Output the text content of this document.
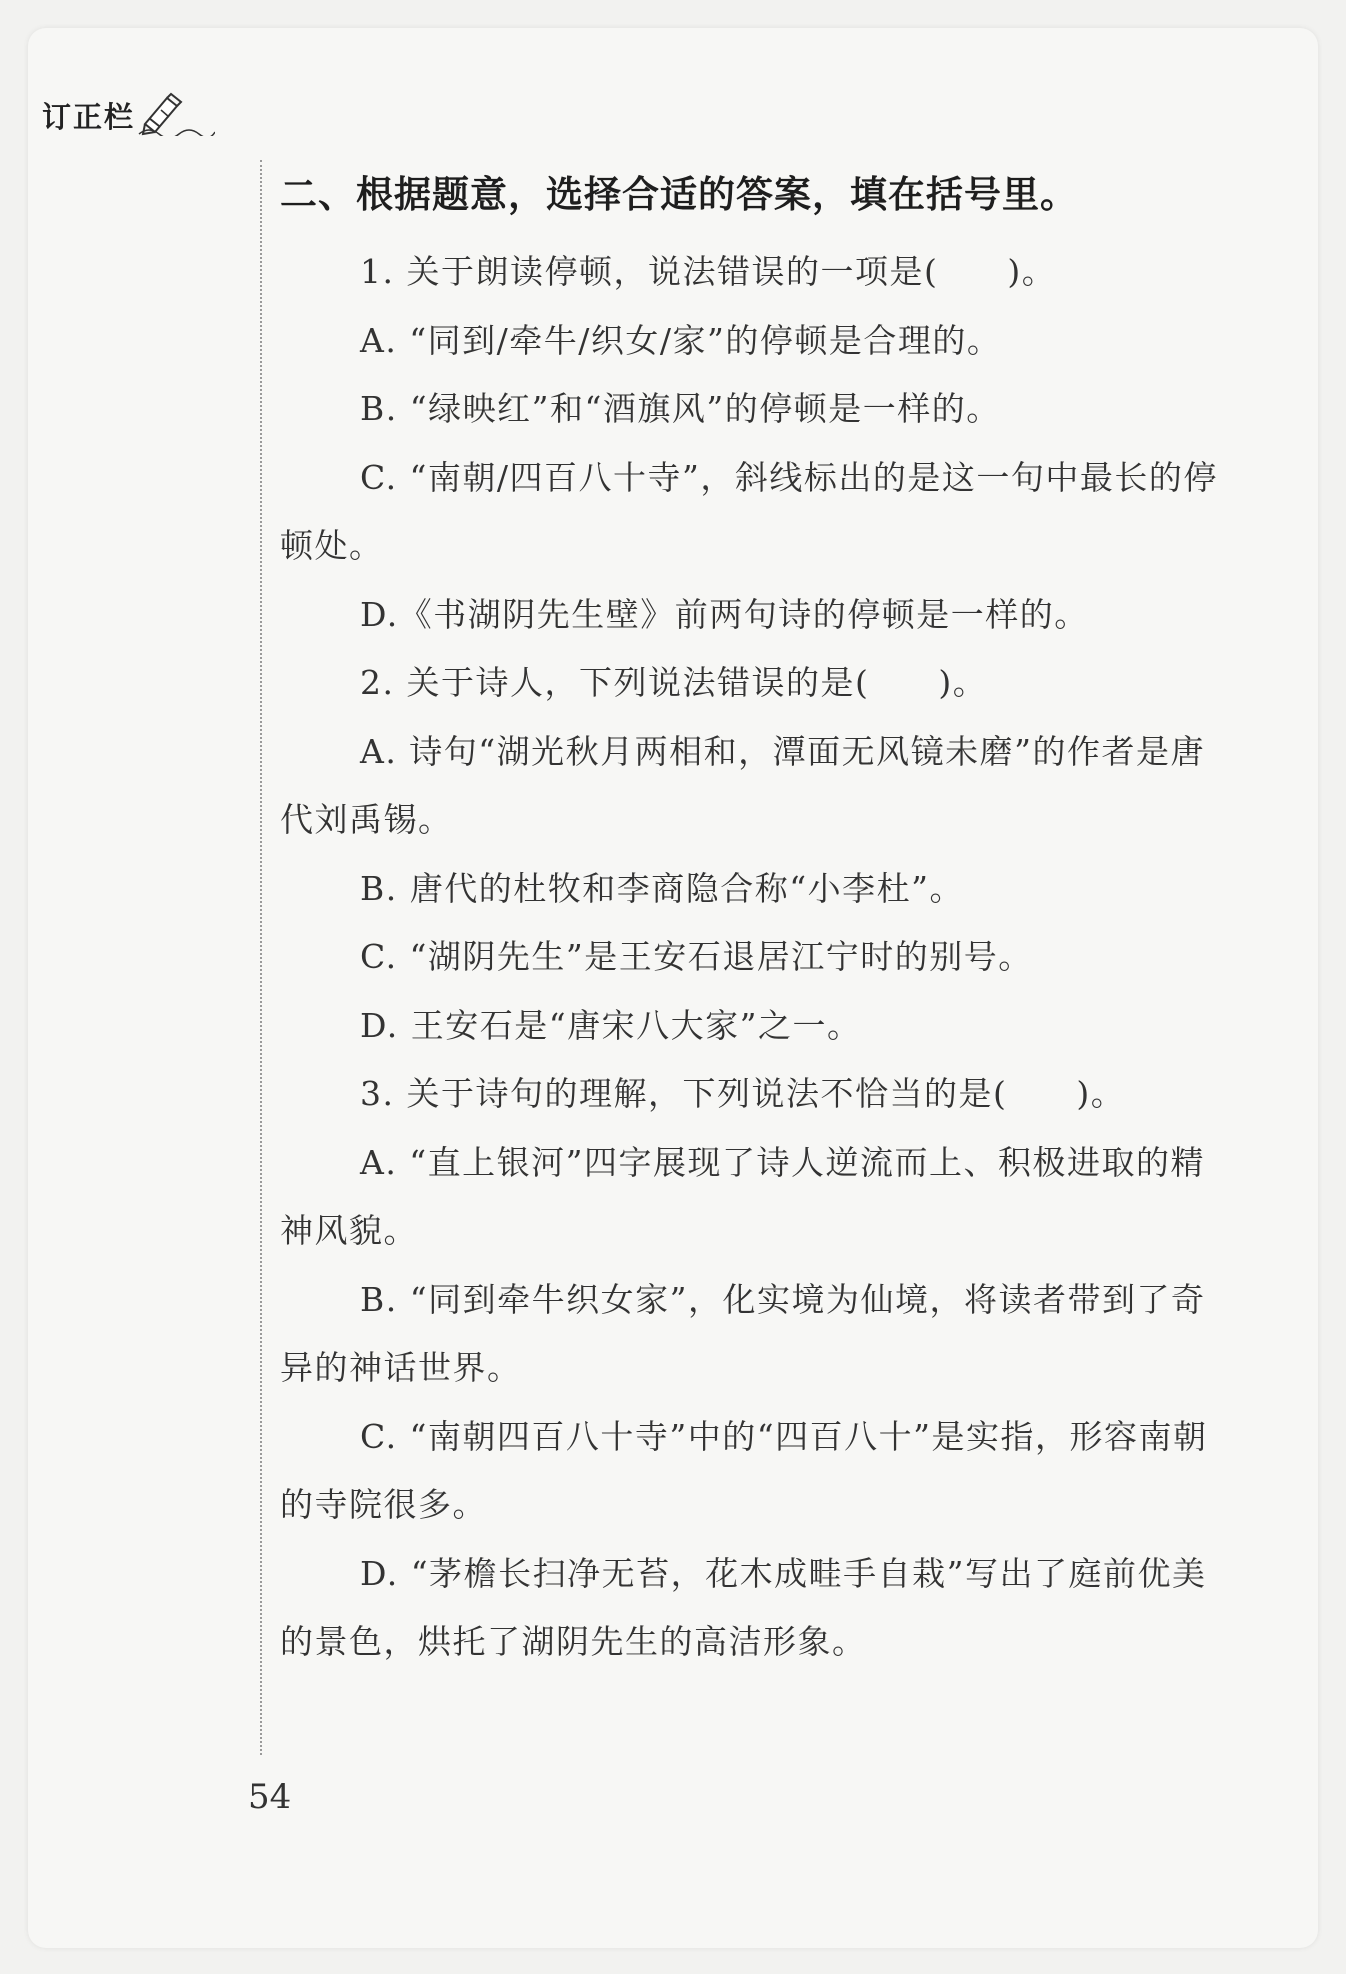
订正栏
二、根据题意，选择合适的答案，填在括号里。

1. 关于朗读停顿，说法错误的一项是(　　)。

A. “同到/牵牛/织女/家”的停顿是合理的。

B. “绿映红”和“酒旗风”的停顿是一样的。

C. “南朝/四百八十寺”，斜线标出的是这一句中最长的停顿处。

D.《书湖阴先生壁》前两句诗的停顿是一样的。

2. 关于诗人，下列说法错误的是(　　)。

A. 诗句“湖光秋月两相和，潭面无风镜未磨”的作者是唐代刘禹锡。

B. 唐代的杜牧和李商隐合称“小李杜”。

C. “湖阴先生”是王安石退居江宁时的别号。

D. 王安石是“唐宋八大家”之一。

3. 关于诗句的理解，下列说法不恰当的是(　　)。

A. “直上银河”四字展现了诗人逆流而上、积极进取的精神风貌。

B. “同到牵牛织女家”，化实境为仙境，将读者带到了奇异的神话世界。

C. “南朝四百八十寺”中的“四百八十”是实指，形容南朝的寺院很多。

D. “茅檐长扫净无苔，花木成畦手自栽”写出了庭前优美的景色，烘托了湖阴先生的高洁形象。

54
